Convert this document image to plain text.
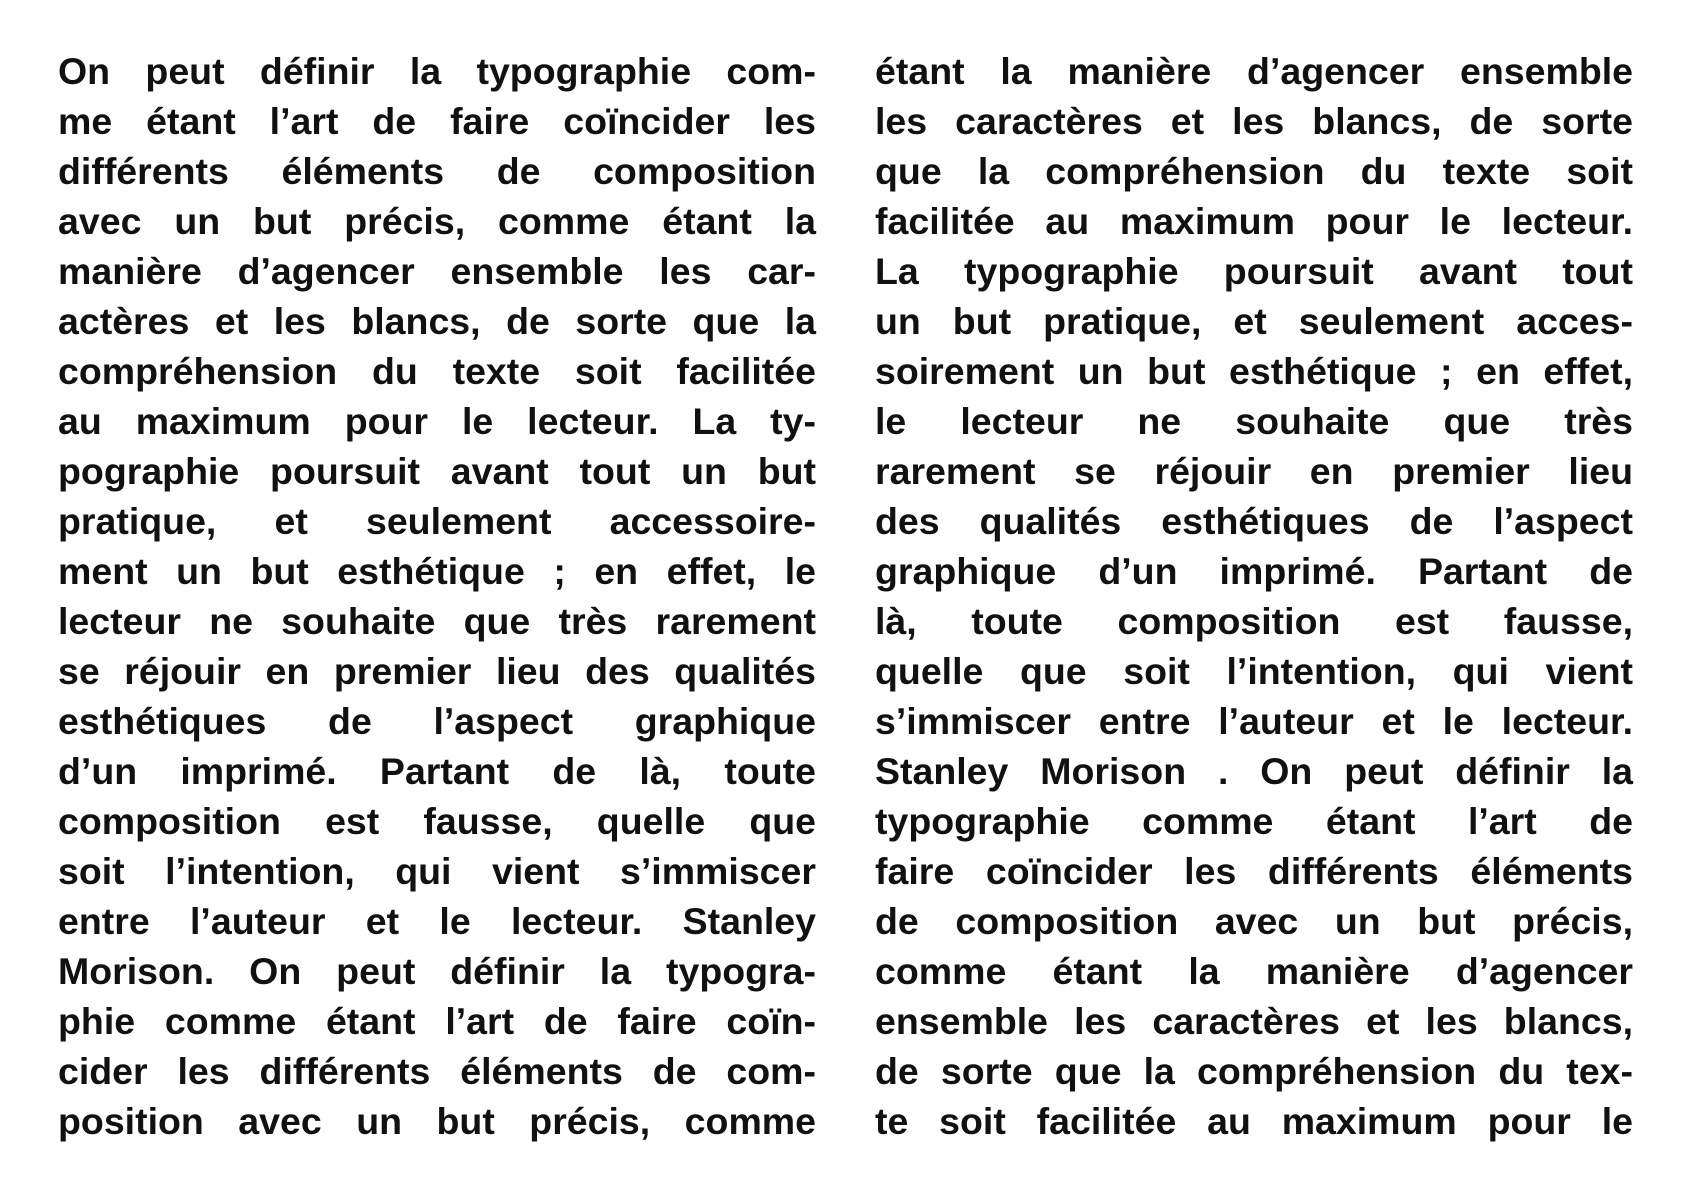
On peut définir la typographie com-
me étant l’art de faire coïncider les
différents éléments de composition
avec un but précis, comme étant la
manière d’agencer ensemble les car-
actères et les blancs, de sorte que la
compréhension du texte soit facilitée
au maximum pour le lecteur. La ty-
pographie poursuit avant tout un but
pratique, et seulement accessoire-
ment un but esthétique ; en effet, le
lecteur ne souhaite que très rarement
se réjouir en premier lieu des qualités
esthétiques de l’aspect graphique
d’un imprimé. Partant de là, toute
composition est fausse, quelle que
soit l’intention, qui vient s’immiscer
entre l’auteur et le lecteur. Stanley
Morison. On peut définir la typogra-
phie comme étant l’art de faire coïn-
cider les différents éléments de com-
position avec un but précis, comme
étant la manière d’agencer ensemble
les caractères et les blancs, de sorte
que la compréhension du texte soit
facilitée au maximum pour le lecteur.
La typographie poursuit avant tout
un but pratique, et seulement acces-
soirement un but esthétique ; en effet,
le lecteur ne souhaite que très
rarement se réjouir en premier lieu
des qualités esthétiques de l’aspect
graphique d’un imprimé. Partant de
là, toute composition est fausse,
quelle que soit l’intention, qui vient
s’immiscer entre l’auteur et le lecteur.
Stanley Morison . On peut définir la
typographie comme étant l’art de
faire coïncider les différents éléments
de composition avec un but précis,
comme étant la manière d’agencer
ensemble les caractères et les blancs,
de sorte que la compréhension du tex-
te soit facilitée au maximum pour le
